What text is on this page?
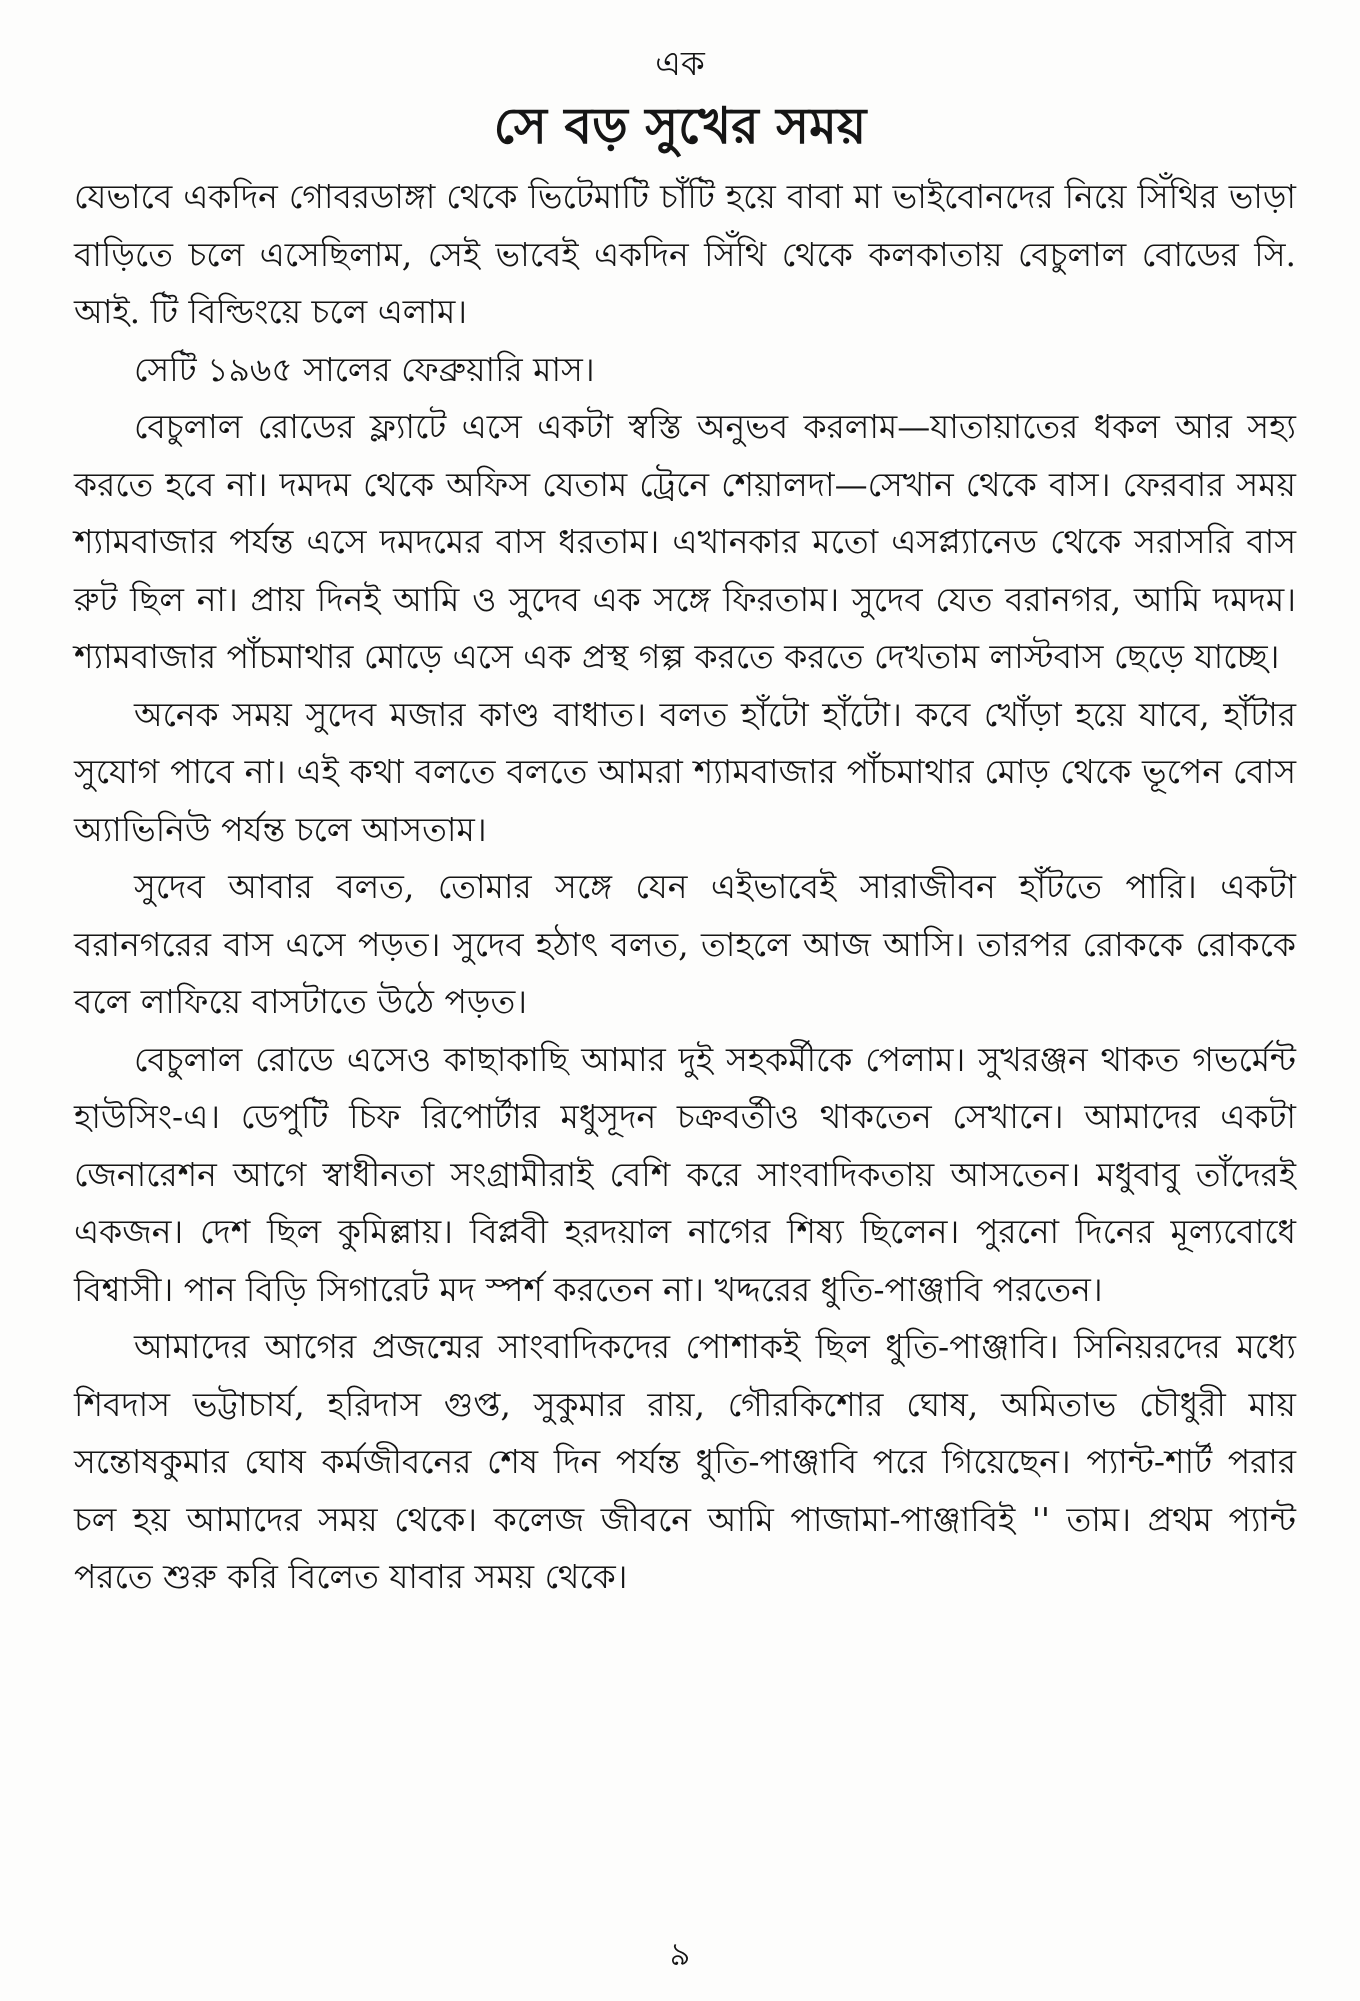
এক
সে বড় সুখের সময়

যেভাবে একদিন গোবরডাঙ্গা থেকে ভিটেমাটি চাঁটি হয়ে বাবা মা ভাইবোনদের নিয়ে সিঁথির ভাড়া বাড়িতে চলে এসেছিলাম, সেই ভাবেই একদিন সিঁথি থেকে কলকাতায় বেচুলাল বোডের সি. আই. টি বিল্ডিংয়ে চলে এলাম।

সেটি ১৯৬৫ সালের ফেব্রুয়ারি মাস।

বেচুলাল রোডের ফ্ল্যাটে এসে একটা স্বস্তি অনুভব করলাম—যাতায়াতের ধকল আর সহ্য করতে হবে না। দমদম থেকে অফিস যেতাম ট্রেনে শেয়ালদা—সেখান থেকে বাস। ফেরবার সময় শ্যামবাজার পর্যন্ত এসে দমদমের বাস ধরতাম। এখানকার মতো এসপ্ল্যানেড থেকে সরাসরি বাস রুট ছিল না। প্রায় দিনই আমি ও সুদেব এক সঙ্গে ফিরতাম। সুদেব যেত বরানগর, আমি দমদম। শ্যামবাজার পাঁচমাথার মোড়ে এসে এক প্রস্থ গল্প করতে করতে দেখতাম লাস্টবাস ছেড়ে যাচ্ছে।

অনেক সময় সুদেব মজার কাণ্ড বাধাত। বলত হাঁটো হাঁটো। কবে খোঁড়া হয়ে যাবে, হাঁটার সুযোগ পাবে না। এই কথা বলতে বলতে আমরা শ্যামবাজার পাঁচমাথার মোড় থেকে ভূপেন বোস অ্যাভিনিউ পর্যন্ত চলে আসতাম।

সুদেব আবার বলত, তোমার সঙ্গে যেন এইভাবেই সারাজীবন হাঁটতে পারি। একটা বরানগরের বাস এসে পড়ত। সুদেব হঠাৎ বলত, তাহলে আজ আসি। তারপর রোককে রোককে বলে লাফিয়ে বাসটাতে উঠে পড়ত।

বেচুলাল রোডে এসেও কাছাকাছি আমার দুই সহকর্মীকে পেলাম। সুখরঞ্জন থাকত গভর্মেন্ট হাউসিং-এ। ডেপুটি চিফ রিপোর্টার মধুসূদন চক্রবর্তীও থাকতেন সেখানে। আমাদের একটা জেনারেশন আগে স্বাধীনতা সংগ্রামীরাই বেশি করে সাংবাদিকতায় আসতেন। মধুবাবু তাঁদেরই একজন। দেশ ছিল কুমিল্লায়। বিপ্লবী হরদয়াল নাগের শিষ্য ছিলেন। পুরনো দিনের মূল্যবোধে বিশ্বাসী। পান বিড়ি সিগারেট মদ স্পর্শ করতেন না। খদ্দরের ধুতি-পাঞ্জাবি পরতেন।

আমাদের আগের প্রজন্মের সাংবাদিকদের পোশাকই ছিল ধুতি-পাঞ্জাবি। সিনিয়রদের মধ্যে শিবদাস ভট্টাচার্য, হরিদাস গুপ্ত, সুকুমার রায়, গৌরকিশোর ঘোষ, অমিতাভ চৌধুরী মায় সন্তোষকুমার ঘোষ কর্মজীবনের শেষ দিন পর্যন্ত ধুতি-পাঞ্জাবি পরে গিয়েছেন। প্যান্ট-শার্ট পরার চল হয় আমাদের সময় থেকে। কলেজ জীবনে আমি পাজামা-পাঞ্জাবিই '' তাম। প্রথম প্যান্ট পরতে শুরু করি বিলেত যাবার সময় থেকে।

৯
